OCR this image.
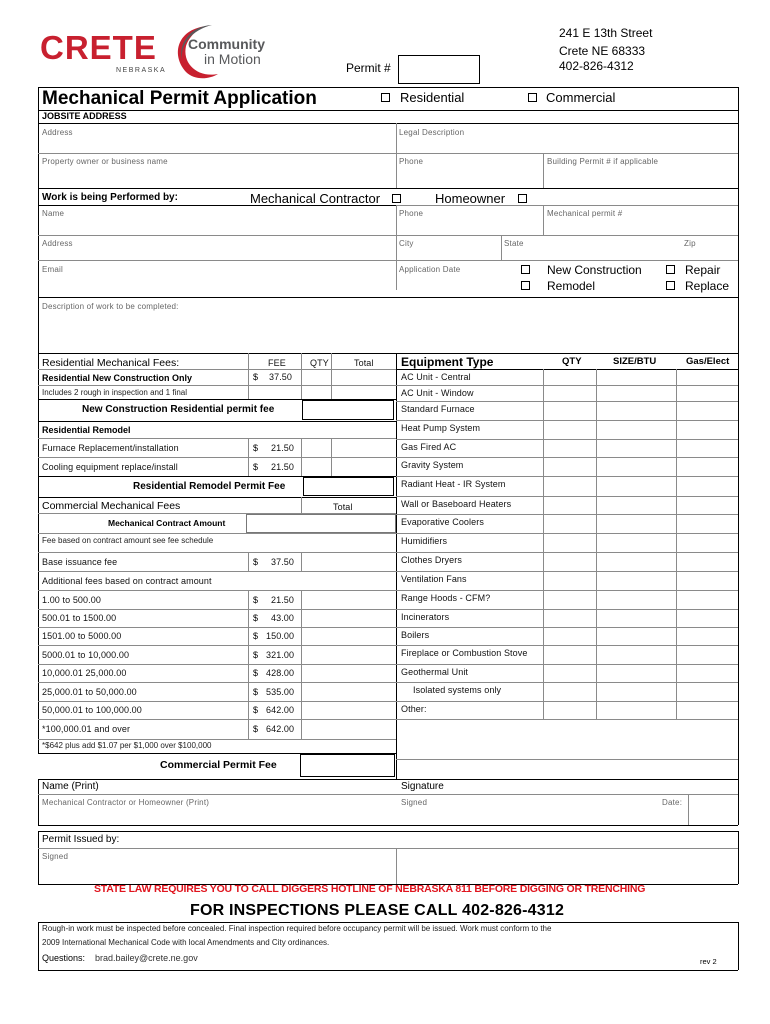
CRETE
NEBRASKA
Community
in Motion
241 E 13th Street
Crete NE 68333
402-826-4312
Permit #
Mechanical Permit Application	Residential	Commercial
JOBSITE ADDRESS
Address	Legal Description
Property owner or business name	Phone	Building Permit # if applicable
Work is being Performed by:	Mechanical Contractor	Homeowner
Name	Phone	Mechanical permit #
Address	City	State	Zip
Email	Application Date	New Construction	Repair
Remodel	Replace
Description of work to be completed:
Residential Mechanical Fees:	FEE	QTY	Total
Residential New Construction Only	$ 37.50
Includes 2 rough in inspection and 1 final
New Construction Residential permit fee
Residential Remodel
Furnace Replacement/installation	$ 21.50
Cooling equipment replace/install	$ 21.50
Residential Remodel Permit Fee
Commercial Mechanical Fees	Total
Mechanical Contract Amount
Fee based on contract amount see fee schedule
Base issuance fee	$ 37.50
Additional fees based on contract amount
1.00 to 500.00	$ 21.50
500.01 to 1500.00	$ 43.00
1501.00 to 5000.00	$ 150.00
5000.01 to 10,000.00	$ 321.00
10,000.01 25,000.00	$ 428.00
25,000.01 to 50,000.00	$ 535.00
50,000.01 to 100,000.00	$ 642.00
*100,000.01 and over	$ 642.00
*$642 plus add $1.07 per $1,000 over $100,000
Commercial Permit Fee
Equipment Type	QTY	SIZE/BTU	Gas/Elect
AC Unit - Central
AC Unit - Window
Standard Furnace
Heat Pump System
Gas Fired AC
Gravity System
Radiant Heat - IR System
Wall or Baseboard Heaters
Evaporative Coolers
Humidifiers
Clothes Dryers
Ventilation Fans
Range Hoods - CFM?
Incinerators
Boilers
Fireplace or Combustion Stove
Geothermal Unit
Isolated systems only
Other:
Name (Print)	Signature
Mechanical Contractor or Homeowner (Print)	Signed	Date:
Permit Issued by:
Signed
STATE LAW REQUIRES YOU TO CALL DIGGERS HOTLINE OF NEBRASKA 811 BEFORE DIGGING OR TRENCHING
FOR INSPECTIONS PLEASE CALL 402-826-4312
Rough-in work must be inspected before concealed. Final inspection required before occupancy permit will be issued. Work must conform to the
2009 International Mechanical Code with local Amendments and City ordinances.
Questions: brad.bailey@crete.ne.gov	rev 2
